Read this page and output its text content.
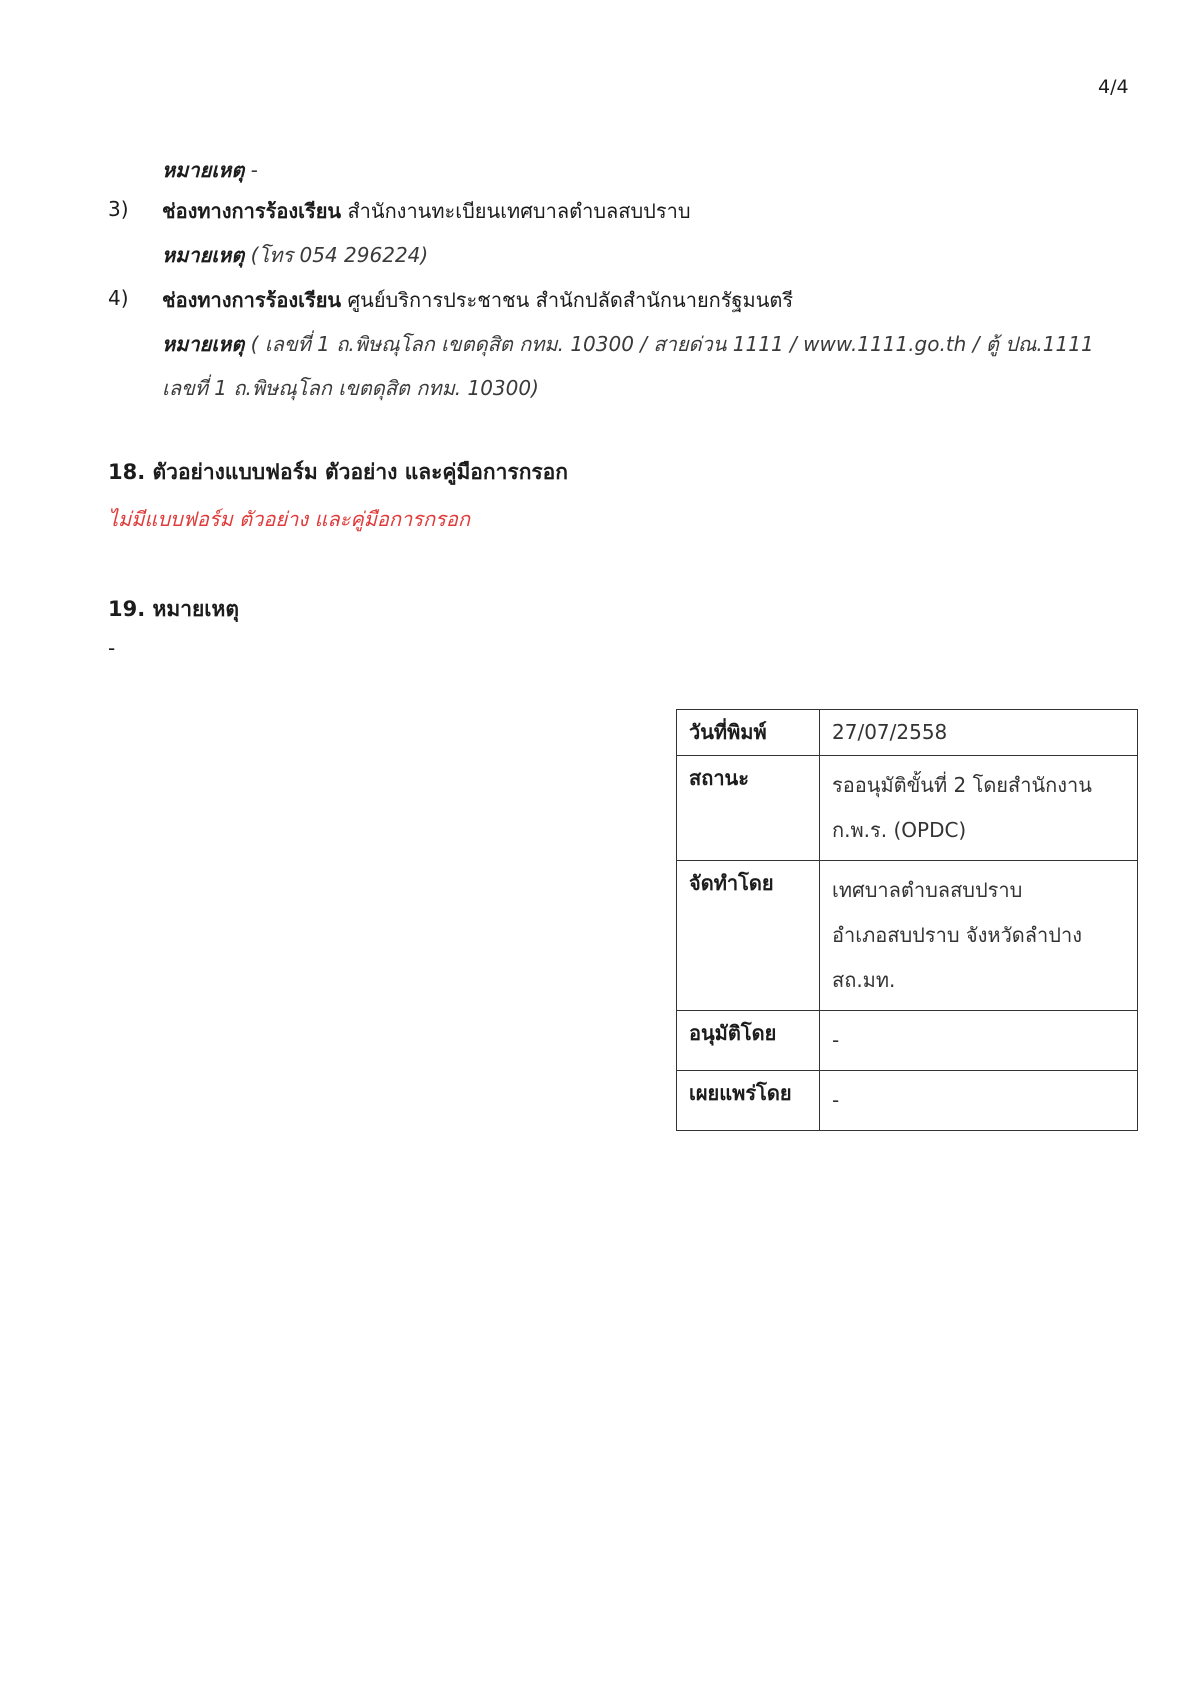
4/4
หมายเหตุ -
3) ช่องทางการร้องเรียน สำนักงานทะเบียนเทศบาลตำบลสบปราบ
หมายเหตุ (โทร 054 296224)
4) ช่องทางการร้องเรียน ศูนย์บริการประชาชน สำนักปลัดสำนักนายกรัฐมนตรี
หมายเหตุ ( เลขที่ 1 ถ.พิษณุโลก เขตดุสิต กทม. 10300 / สายด่วน 1111 / www.1111.go.th / ตู้ ปณ.1111
เลขที่ 1 ถ.พิษณุโลก เขตดุสิต กทม. 10300)
18. ตัวอย่างแบบฟอร์ม ตัวอย่าง และคู่มือการกรอก
ไม่มีแบบฟอร์ม ตัวอย่าง และคู่มือการกรอก
19. หมายเหตุ
-
วันที่พิมพ์	27/07/2558
สถานะ	รออนุมัติขั้นที่ 2 โดยสำนักงาน
ก.พ.ร. (OPDC)

จัดทำโดย	เทศบาลตำบลสบปราบ
อำเภอสบปราบ จังหวัดลำปาง
สถ.มท.

อนุมัติโดย	-
เผยแพร่โดย	-
